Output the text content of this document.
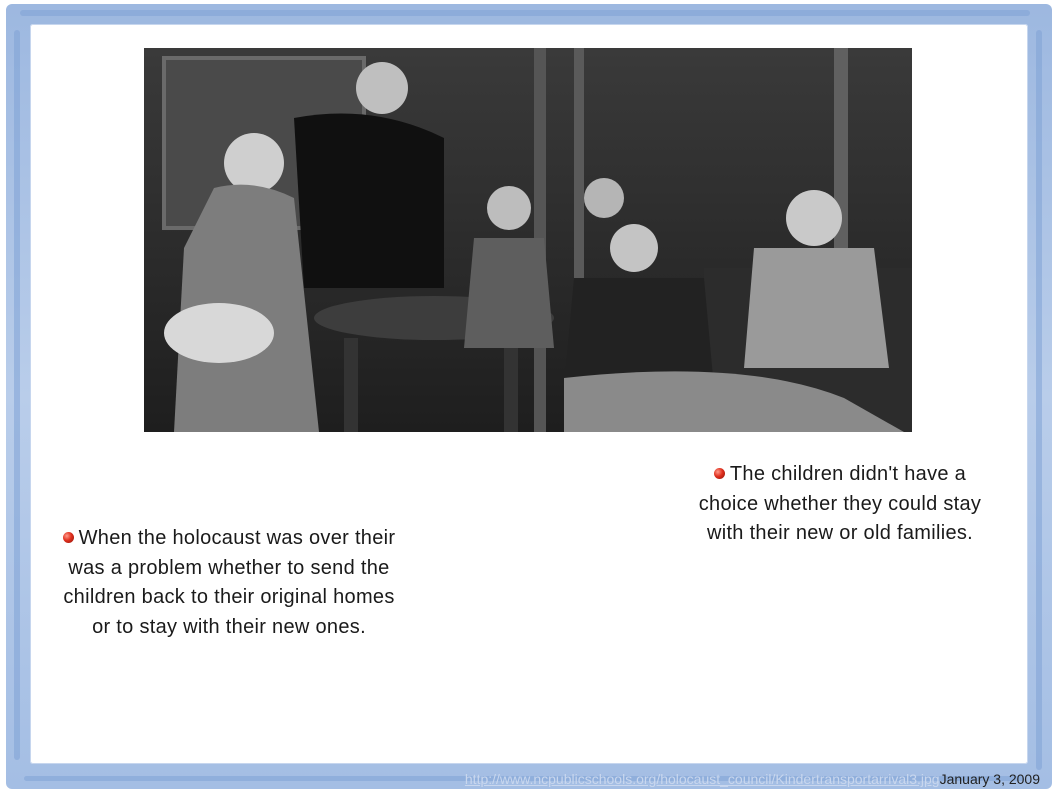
The children didn't have a choice whether they could stay with their new or old families.
When the holocaust was over their was a problem whether to send the children back to their original homes or to stay with their new ones.
http://www.ncpublicschools.org/holocaust_council/Kindertransportarrival3.jpgJanuary 3, 2009
